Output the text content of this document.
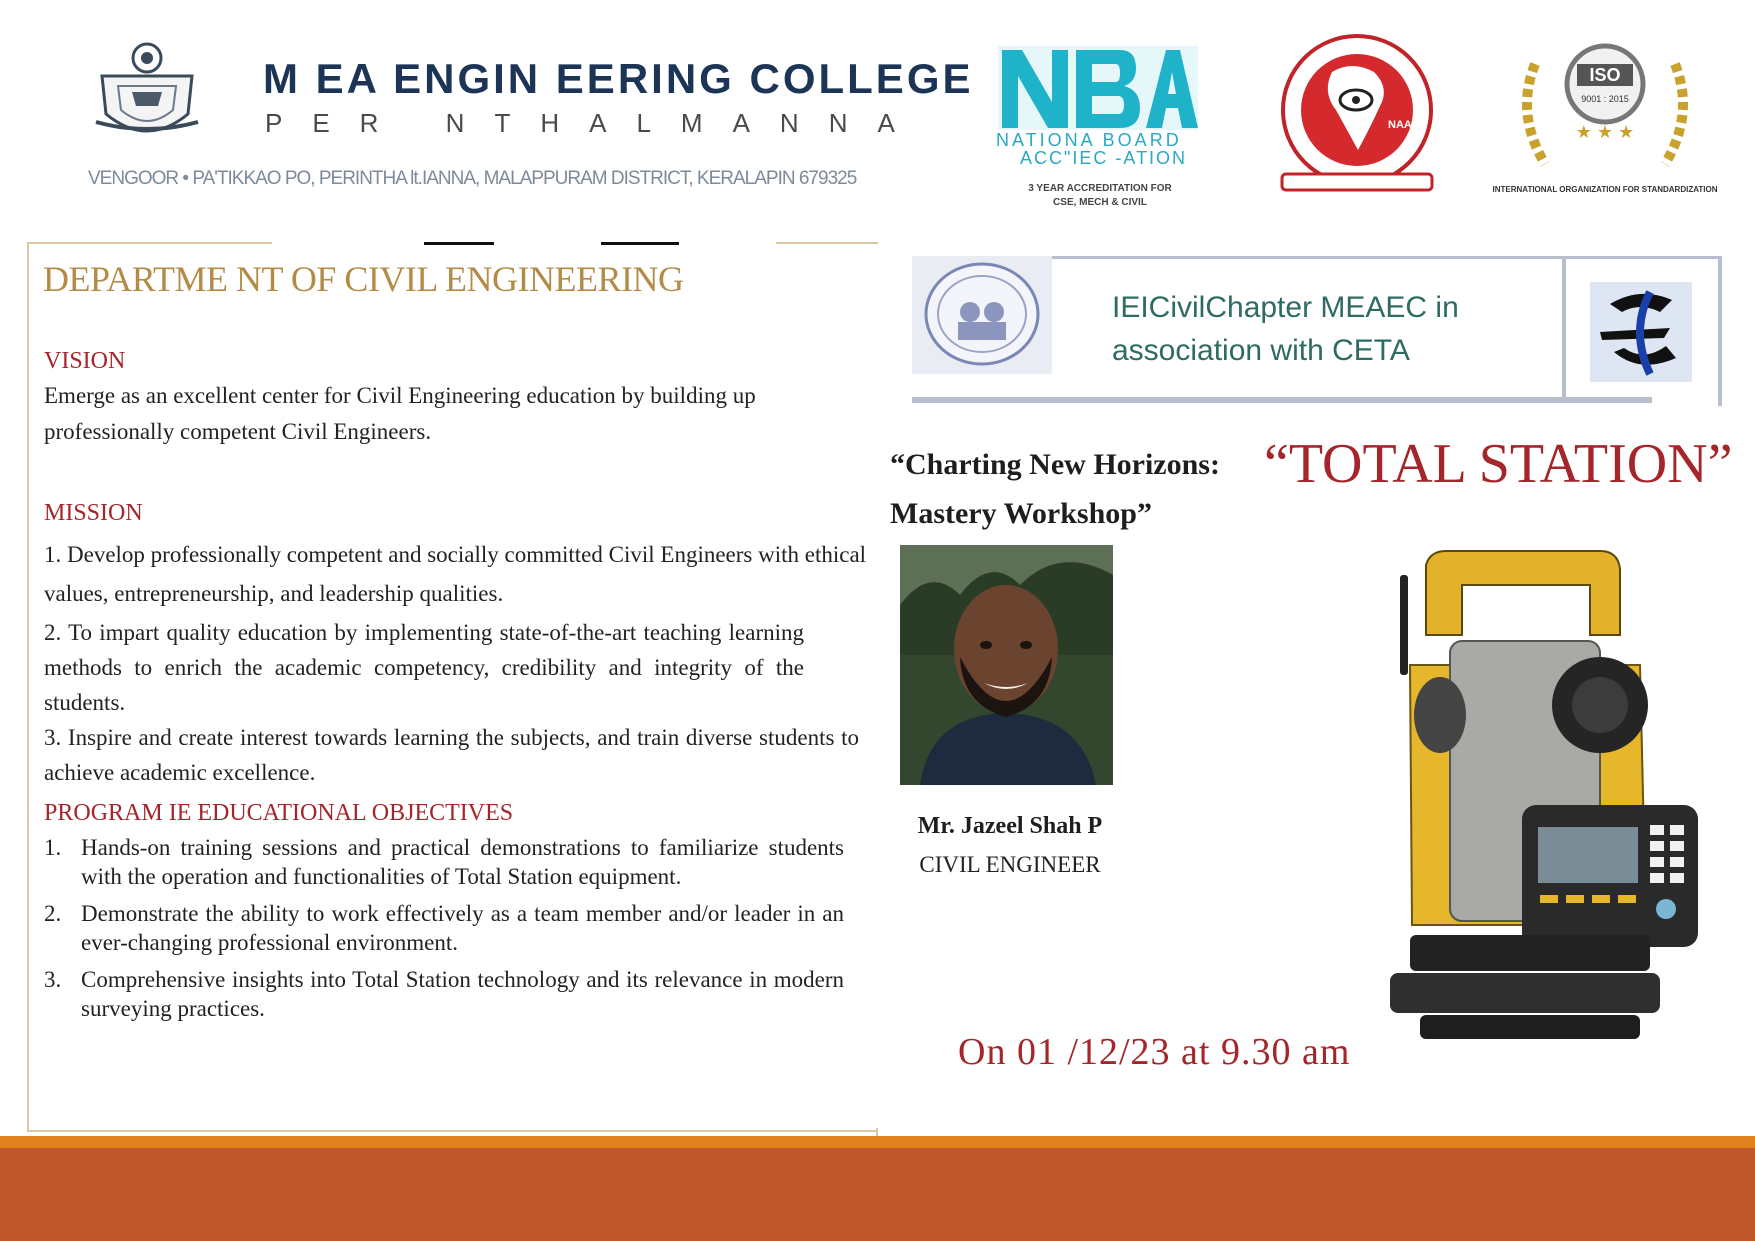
M EA ENGIN EERING COLLEGE
PER NTHALMANNA
VENGOOR • PA'TIKKAO PO, PERINTHA lt.IANNA, MALAPPURAM DISTRICT, KERALAPIN 679325
NATIONA BOARD
ACC"IEC -ATION
3 YEAR ACCREDITATION FOR
CSE, MECH & CIVIL
NAAC
ISO
9001 : 2015
★ ★ ★
INTERNATIONAL ORGANIZATION FOR STANDARDIZATION
DEPARTME NT OF CIVIL ENGINEERING
VISION
Emerge as an excellent center for Civil Engineering education by building up professionally competent Civil Engineers.
MISSION
1. Develop professionally competent and socially committed Civil Engineers with ethical values, entrepreneurship, and leadership qualities.
2. To impart quality education by implementing state-of-the-art teaching learning methods to enrich the academic competency, credibility and integrity of the students.
3. Inspire and create interest towards learning the subjects, and train diverse students to achieve academic excellence.
PROGRAM IE EDUCATIONAL OBJECTIVES
1. Hands-on training sessions and practical demonstrations to familiarize students with the operation and functionalities of Total Station equipment.
2. Demonstrate the ability to work effectively as a team member and/or leader in an ever-changing professional environment.
3. Comprehensive insights into Total Station technology and its relevance in modern surveying practices.
IEICivilChapter MEAEC in
association with CETA
“Charting New Horizons:
Mastery Workshop”
“TOTAL STATION”
Mr. Jazeel Shah P
CIVIL ENGINEER
On 01 /12/23 at 9.30 am
